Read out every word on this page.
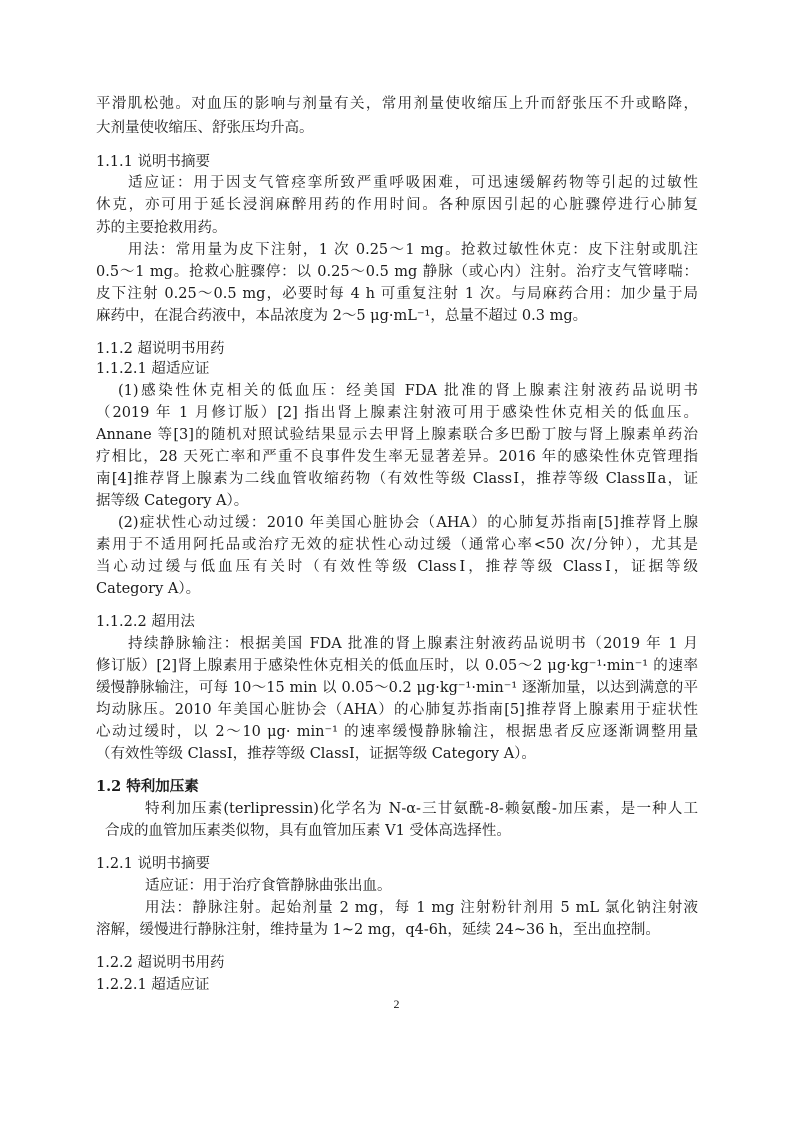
平滑肌松弛。对血压的影响与剂量有关，常用剂量使收缩压上升而舒张压不升或略降，
大剂量使收缩压、舒张压均升高。
1.1.1 说明书摘要
适应证：用于因支气管痉挛所致严重呼吸困难，可迅速缓解药物等引起的过敏性
休克，亦可用于延长浸润麻醉用药的作用时间。各种原因引起的心脏骤停进行心肺复
苏的主要抢救用药。
用法：常用量为皮下注射，1 次 0.25～1 mg。抢救过敏性休克：皮下注射或肌注
0.5～1 mg。抢救心脏骤停：以 0.25～0.5 mg 静脉（或心内）注射。治疗支气管哮喘：
皮下注射 0.25～0.5 mg，必要时每 4 h 可重复注射 1 次。与局麻药合用：加少量于局
麻药中，在混合药液中，本品浓度为 2～5 μg·mL⁻¹，总量不超过 0.3 mg。
1.1.2 超说明书用药
1.1.2.1 超适应证
(1)感染性休克相关的低血压：经美国 FDA 批准的肾上腺素注射液药品说明书
（2019 年 1 月修订版）[2] 指出肾上腺素注射液可用于感染性休克相关的低血压。
Annane 等[3]的随机对照试验结果显示去甲肾上腺素联合多巴酚丁胺与肾上腺素单药治
疗相比，28 天死亡率和严重不良事件发生率无显著差异。2016 年的感染性休克管理指
南[4]推荐肾上腺素为二线血管收缩药物（有效性等级 ClassⅠ，推荐等级 ClassⅡa，证
据等级 Category A）。
(2)症状性心动过缓：2010 年美国心脏协会（AHA）的心肺复苏指南[5]推荐肾上腺
素用于不适用阿托品或治疗无效的症状性心动过缓（通常心率<50 次/分钟），尤其是
当心动过缓与低血压有关时（有效性等级 ClassⅠ，推荐等级 ClassⅠ，证据等级
Category A）。
1.1.2.2 超用法
持续静脉输注：根据美国 FDA 批准的肾上腺素注射液药品说明书（2019 年 1 月
修订版）[2]肾上腺素用于感染性休克相关的低血压时，以 0.05～2 μg·kg⁻¹·min⁻¹ 的速率
缓慢静脉输注，可每 10～15 min 以 0.05～0.2 μg·kg⁻¹·min⁻¹ 逐渐加量，以达到满意的平
均动脉压。2010 年美国心脏协会（AHA）的心肺复苏指南[5]推荐肾上腺素用于症状性
心动过缓时，以 2～10 μg· min⁻¹ 的速率缓慢静脉输注，根据患者反应逐渐调整用量
（有效性等级 ClassⅠ，推荐等级 ClassⅠ，证据等级 Category A）。
1.2 特利加压素
特利加压素(terlipressin)化学名为 N-α-三甘氨酰-8-赖氨酸-加压素，是一种人工
合成的血管加压素类似物，具有血管加压素 V1 受体高选择性。
1.2.1 说明书摘要
适应证：用于治疗食管静脉曲张出血。
用法：静脉注射。起始剂量 2 mg，每 1 mg 注射粉针剂用 5 mL 氯化钠注射液
溶解，缓慢进行静脉注射，维持量为 1~2 mg，q4-6h，延续 24~36 h，至出血控制。
1.2.2 超说明书用药
1.2.2.1 超适应证
2
